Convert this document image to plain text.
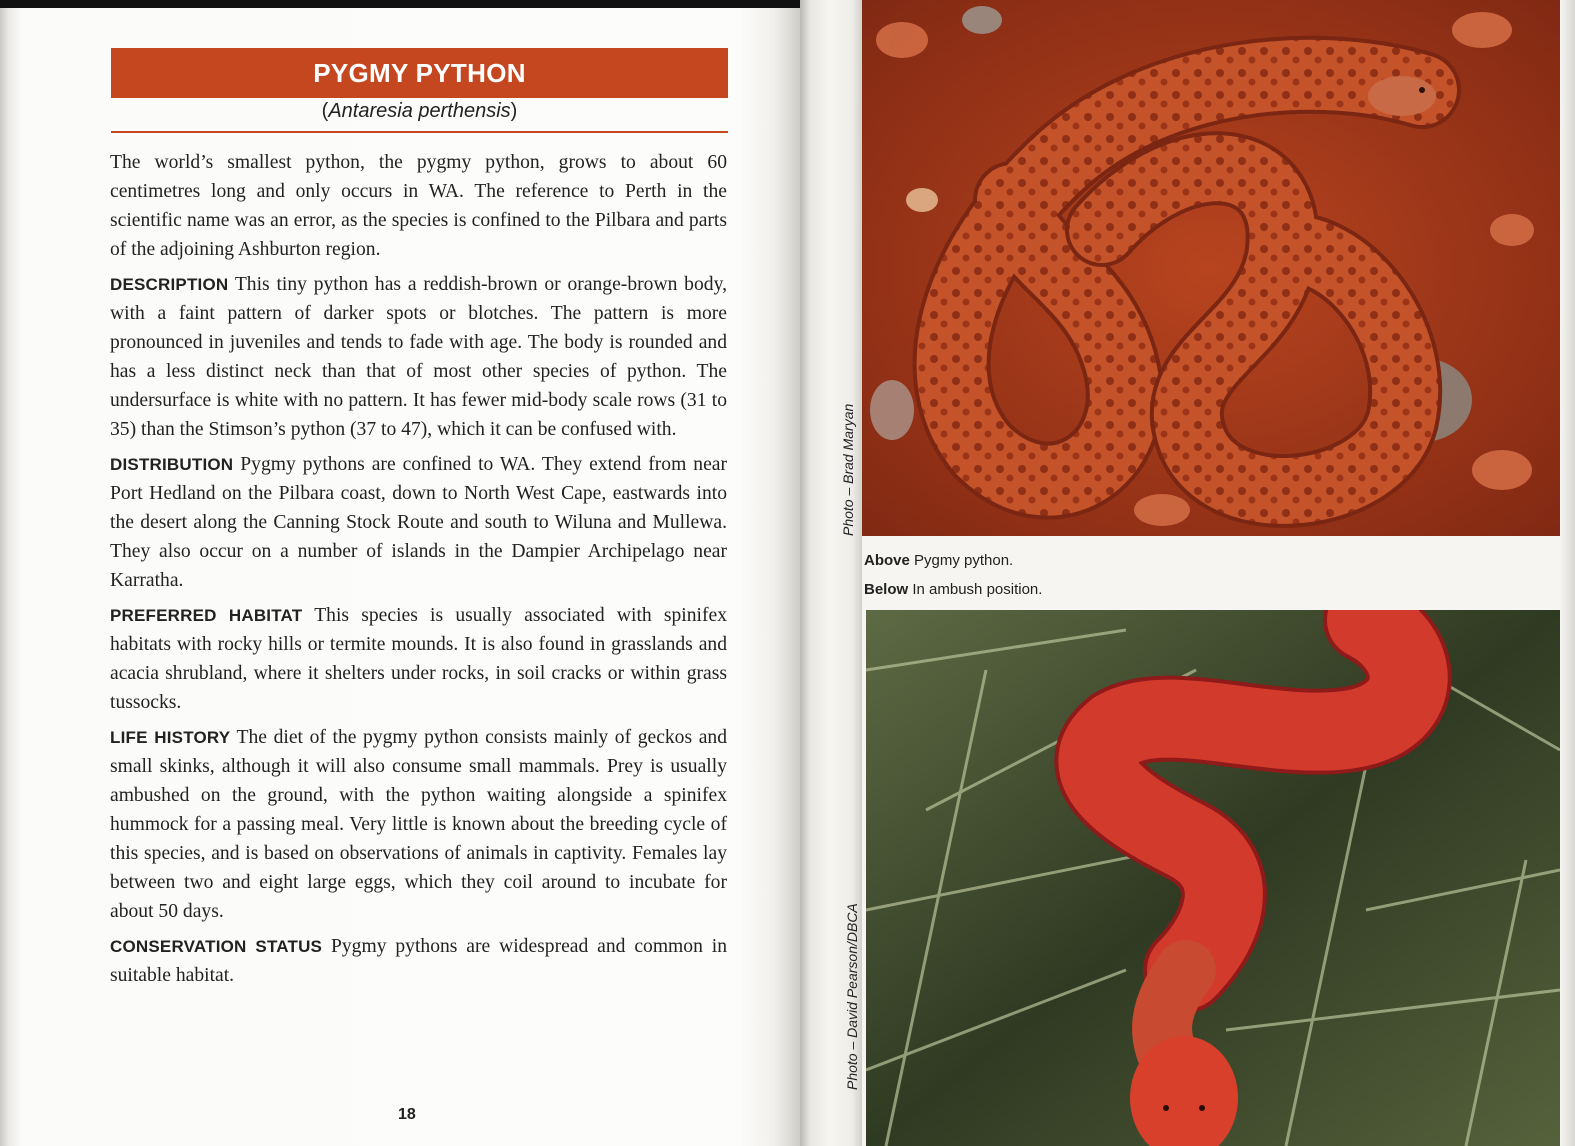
PYGMY PYTHON
(Antaresia perthensis)

The world’s smallest python, the pygmy python, grows to about 60 centimetres long and only occurs in WA. The reference to Perth in the scientific name was an error, as the species is confined to the Pilbara and parts of the adjoining Ashburton region.

DESCRIPTION This tiny python has a reddish-brown or orange-brown body, with a faint pattern of darker spots or blotches. The pattern is more pronounced in juveniles and tends to fade with age. The body is rounded and has a less distinct neck than that of most other species of python. The undersurface is white with no pattern. It has fewer mid-body scale rows (31 to 35) than the Stimson’s python (37 to 47), which it can be confused with.

DISTRIBUTION Pygmy pythons are confined to WA. They extend from near Port Hedland on the Pilbara coast, down to North West Cape, eastwards into the desert along the Canning Stock Route and south to Wiluna and Mullewa. They also occur on a number of islands in the Dampier Archipelago near Karratha.

PREFERRED HABITAT This species is usually associated with spinifex habitats with rocky hills or termite mounds. It is also found in grasslands and acacia shrubland, where it shelters under rocks, in soil cracks or within grass tussocks.

LIFE HISTORY The diet of the pygmy python consists mainly of geckos and small skinks, although it will also consume small mammals. Prey is usually ambushed on the ground, with the python waiting alongside a spinifex hummock for a passing meal. Very little is known about the breeding cycle of this species, and is based on observations of animals in captivity. Females lay between two and eight large eggs, which they coil around to incubate for about 50 days.

CONSERVATION STATUS Pygmy pythons are widespread and common in suitable habitat.

18
Photo – Brad Maryan
Above Pygmy python.
Below In ambush position.
Photo – David Pearson/DBCA
